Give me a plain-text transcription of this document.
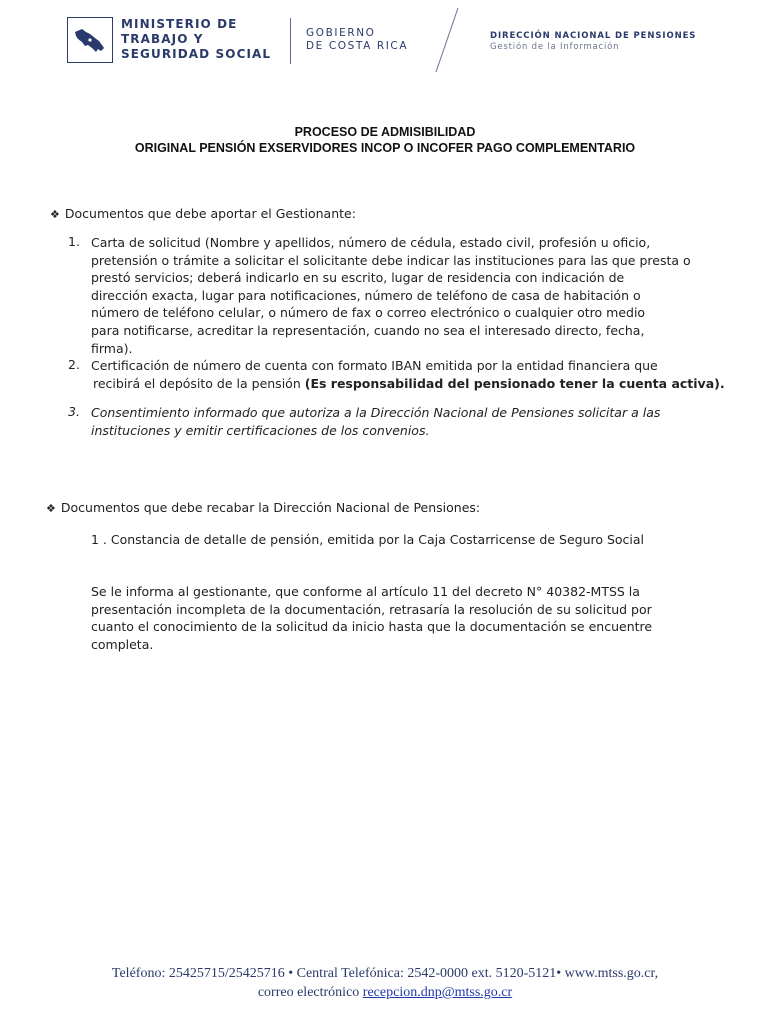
MINISTERIO DE
TRABAJO Y
SEGURIDAD SOCIAL
GOBIERNO
DE COSTA RICA
DIRECCIÓN NACIONAL DE PENSIONES
Gestión de la Información
PROCESO DE ADMISIBILIDAD
ORIGINAL PENSIÓN EXSERVIDORES INCOP O INCOFER PAGO COMPLEMENTARIO
❖ Documentos que debe aportar el Gestionante:
1. Carta de solicitud (Nombre y apellidos, número de cédula, estado civil, profesión u oficio,
pretensión o trámite a solicitar el solicitante debe indicar las instituciones para las que presta o
prestó servicios; deberá indicarlo en su escrito, lugar de residencia con indicación de
dirección exacta, lugar para notificaciones, número de teléfono de casa de habitación o
número de teléfono celular, o número de fax o correo electrónico o cualquier otro medio
para notificarse, acreditar la representación, cuando no sea el interesado directo, fecha,
firma).
2. Certificación de número de cuenta con formato IBAN emitida por la entidad financiera que
recibirá el depósito de la pensión (Es responsabilidad del pensionado tener la cuenta activa).
3. Consentimiento informado que autoriza a la Dirección Nacional de Pensiones solicitar a las
instituciones y emitir certificaciones de los convenios.
❖ Documentos que debe recabar la Dirección Nacional de Pensiones:
1 . Constancia de detalle de pensión, emitida por la Caja Costarricense de Seguro Social
Se le informa al gestionante, que conforme al artículo 11 del decreto N° 40382-MTSS la
presentación incompleta de la documentación, retrasaría la resolución de su solicitud por
cuanto el conocimiento de la solicitud da inicio hasta que la documentación se encuentre
completa.
Teléfono: 25425715/25425716 • Central Telefónica: 2542-0000 ext. 5120-5121• www.mtss.go.cr,
correo electrónico recepcion.dnp@mtss.go.cr
